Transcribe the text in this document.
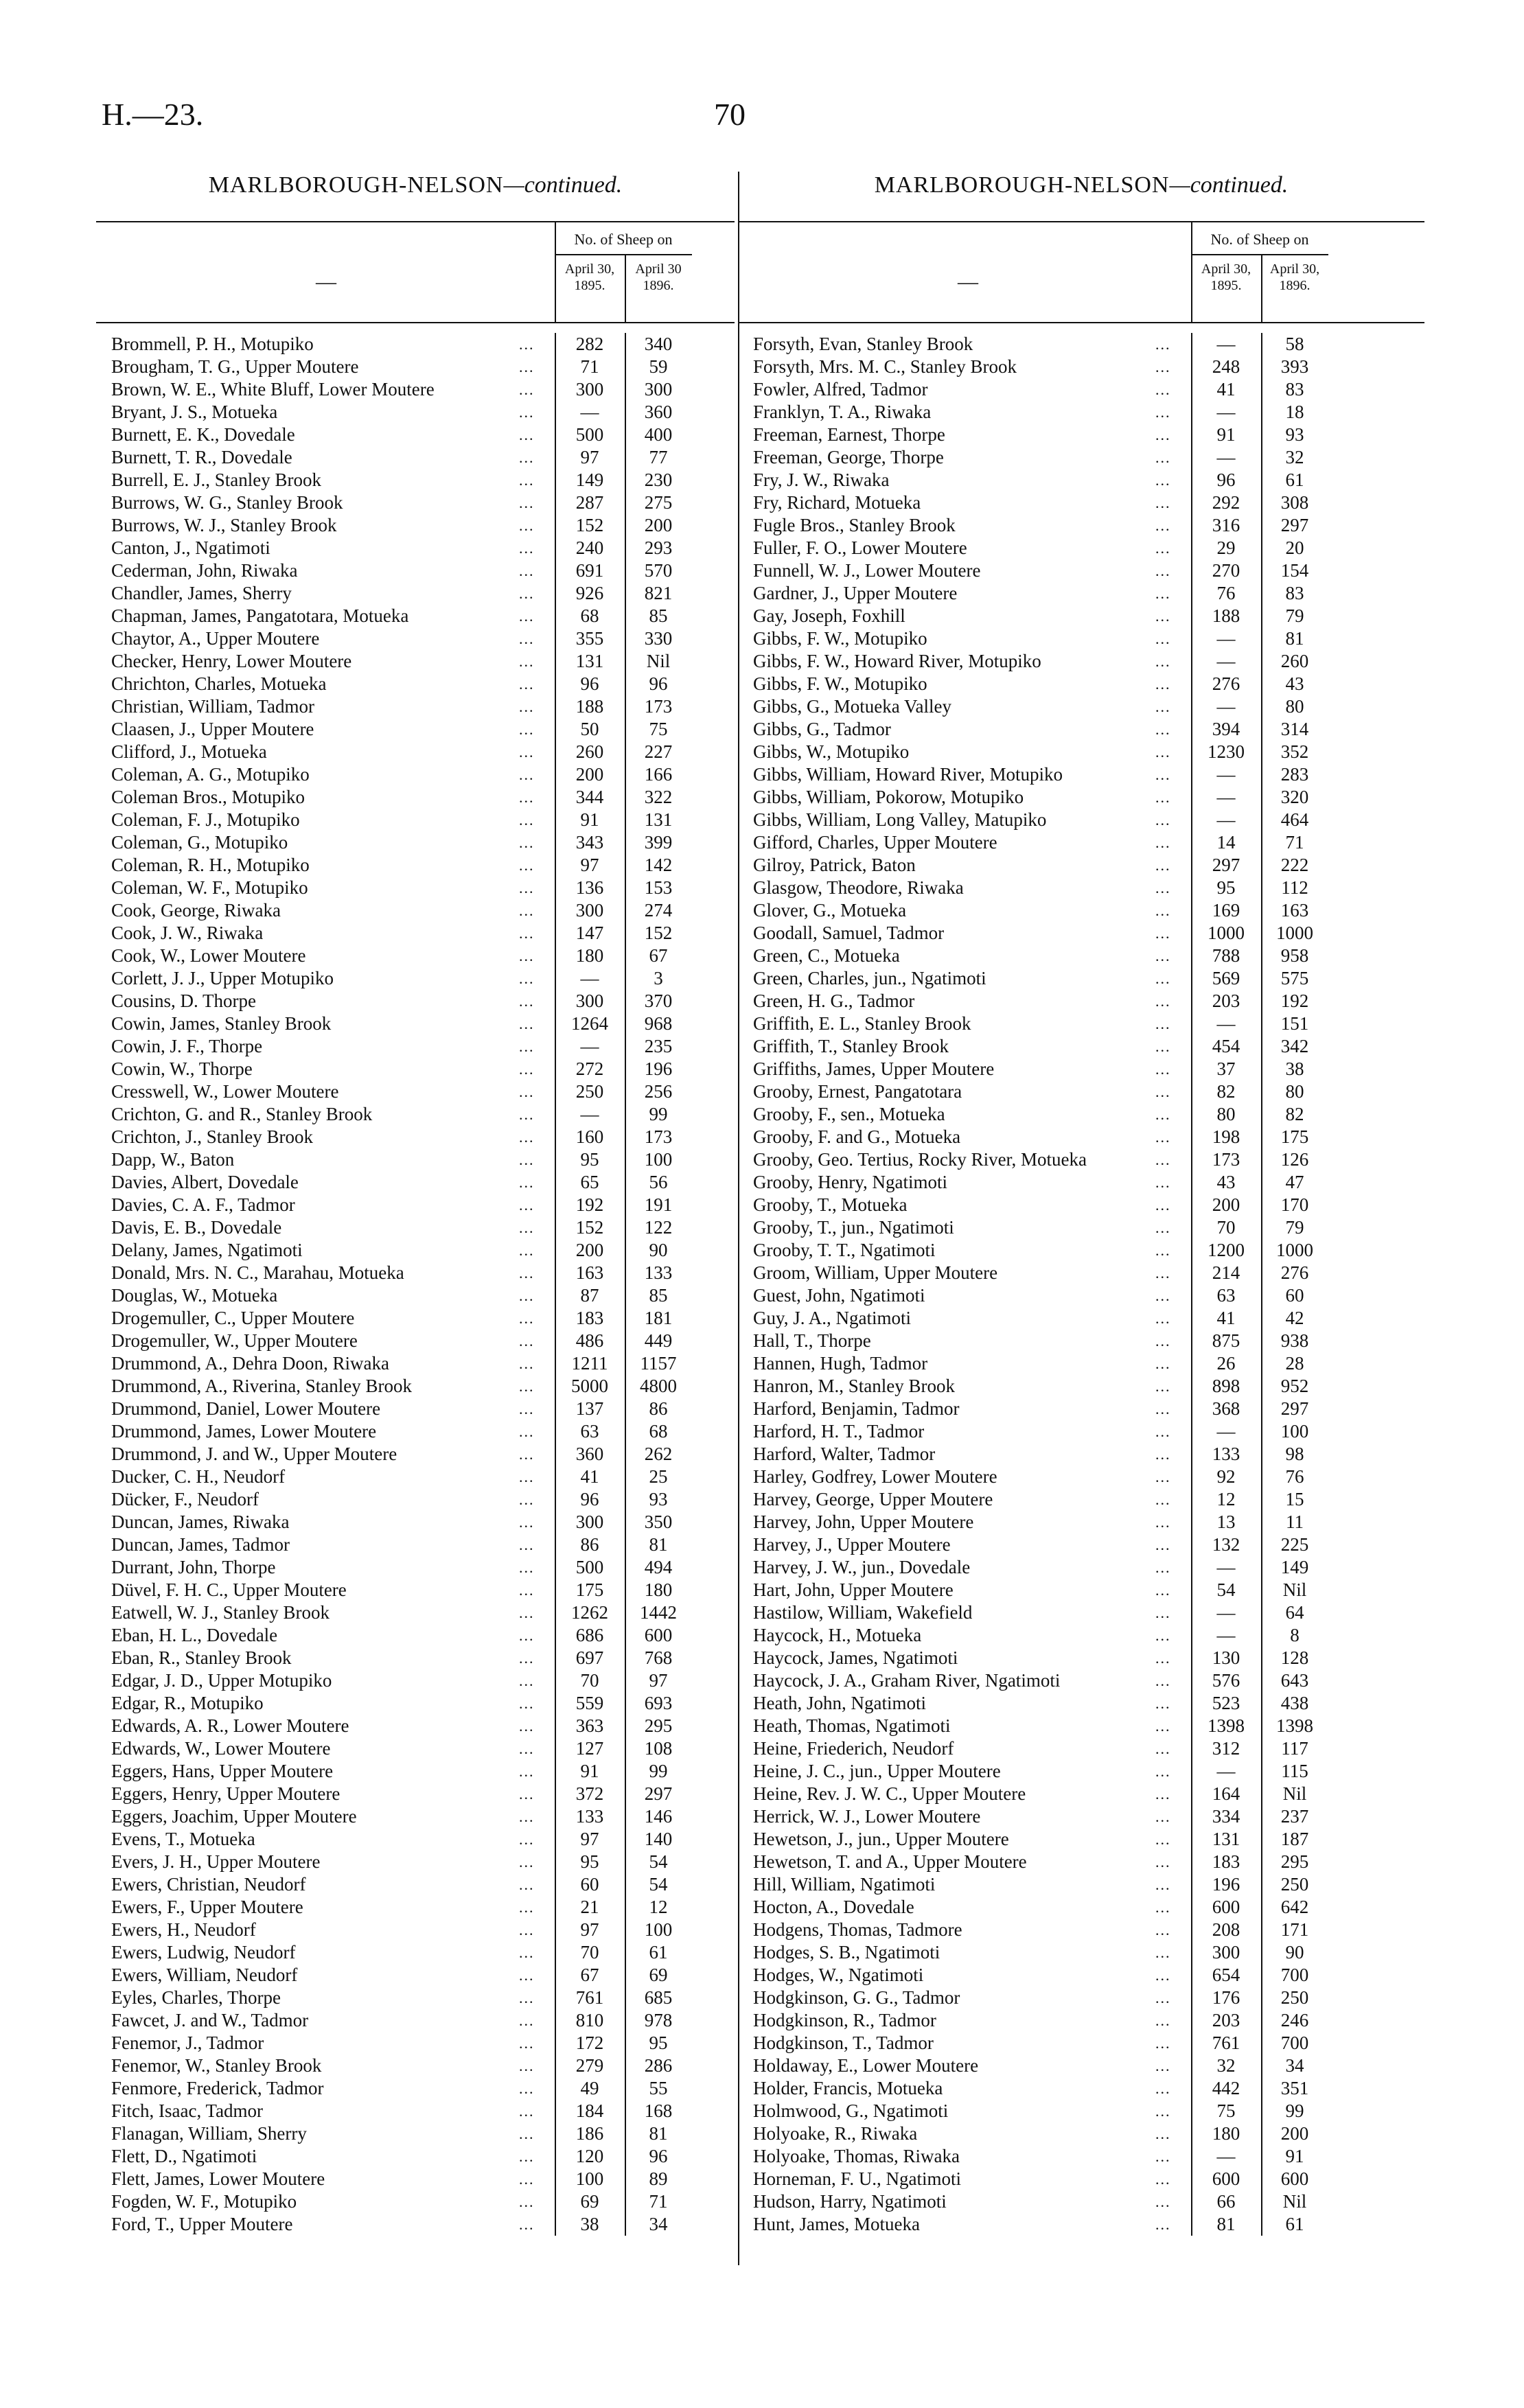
H.—23.	70
MARLBOROUGH-NELSON—continued.
—
No. of Sheep on
April 30,
1895.
April 30
1896.
Brommell, P. H., Motupiko	...	282	340
Brougham, T. G., Upper Moutere	...	71	59
Brown, W. E., White Bluff, Lower Moutere	...	300	300
Bryant, J. S., Motueka	...	—	360
Burnett, E. K., Dovedale	...	500	400
Burnett, T. R., Dovedale	...	97	77
Burrell, E. J., Stanley Brook	...	149	230
Burrows, W. G., Stanley Brook	...	287	275
Burrows, W. J., Stanley Brook	...	152	200
Canton, J., Ngatimoti	...	240	293
Cederman, John, Riwaka	...	691	570
Chandler, James, Sherry	...	926	821
Chapman, James, Pangatotara, Motueka	...	68	85
Chaytor, A., Upper Moutere	...	355	330
Checker, Henry, Lower Moutere	...	131	Nil
Chrichton, Charles, Motueka	...	96	96
Christian, William, Tadmor	...	188	173
Claasen, J., Upper Moutere	...	50	75
Clifford, J., Motueka	...	260	227
Coleman, A. G., Motupiko	...	200	166
Coleman Bros., Motupiko	...	344	322
Coleman, F. J., Motupiko	...	91	131
Coleman, G., Motupiko	...	343	399
Coleman, R. H., Motupiko	...	97	142
Coleman, W. F., Motupiko	...	136	153
Cook, George, Riwaka	...	300	274
Cook, J. W., Riwaka	...	147	152
Cook, W., Lower Moutere	...	180	67
Corlett, J. J., Upper Motupiko	...	—	3
Cousins, D. Thorpe	...	300	370
Cowin, James, Stanley Brook	...	1264	968
Cowin, J. F., Thorpe	...	—	235
Cowin, W., Thorpe	...	272	196
Cresswell, W., Lower Moutere	...	250	256
Crichton, G. and R., Stanley Brook	...	—	99
Crichton, J., Stanley Brook	...	160	173
Dapp, W., Baton	...	95	100
Davies, Albert, Dovedale	...	65	56
Davies, C. A. F., Tadmor	...	192	191
Davis, E. B., Dovedale	...	152	122
Delany, James, Ngatimoti	...	200	90
Donald, Mrs. N. C., Marahau, Motueka	...	163	133
Douglas, W., Motueka	...	87	85
Drogemuller, C., Upper Moutere	...	183	181
Drogemuller, W., Upper Moutere	...	486	449
Drummond, A., Dehra Doon, Riwaka	...	1211	1157
Drummond, A., Riverina, Stanley Brook	...	5000	4800
Drummond, Daniel, Lower Moutere	...	137	86
Drummond, James, Lower Moutere	...	63	68
Drummond, J. and W., Upper Moutere	...	360	262
Ducker, C. H., Neudorf	...	41	25
Dücker, F., Neudorf	...	96	93
Duncan, James, Riwaka	...	300	350
Duncan, James, Tadmor	...	86	81
Durrant, John, Thorpe	...	500	494
Düvel, F. H. C., Upper Moutere	...	175	180
Eatwell, W. J., Stanley Brook	...	1262	1442
Eban, H. L., Dovedale	...	686	600
Eban, R., Stanley Brook	...	697	768
Edgar, J. D., Upper Motupiko	...	70	97
Edgar, R., Motupiko	...	559	693
Edwards, A. R., Lower Moutere	...	363	295
Edwards, W., Lower Moutere	...	127	108
Eggers, Hans, Upper Moutere	...	91	99
Eggers, Henry, Upper Moutere	...	372	297
Eggers, Joachim, Upper Moutere	...	133	146
Evens, T., Motueka	...	97	140
Evers, J. H., Upper Moutere	...	95	54
Ewers, Christian, Neudorf	...	60	54
Ewers, F., Upper Moutere	...	21	12
Ewers, H., Neudorf	...	97	100
Ewers, Ludwig, Neudorf	...	70	61
Ewers, William, Neudorf	...	67	69
Eyles, Charles, Thorpe	...	761	685
Fawcet, J. and W., Tadmor	...	810	978
Fenemor, J., Tadmor	...	172	95
Fenemor, W., Stanley Brook	...	279	286
Fenmore, Frederick, Tadmor	...	49	55
Fitch, Isaac, Tadmor	...	184	168
Flanagan, William, Sherry	...	186	81
Flett, D., Ngatimoti	...	120	96
Flett, James, Lower Moutere	...	100	89
Fogden, W. F., Motupiko	...	69	71
Ford, T., Upper Moutere	...	38	34
MARLBOROUGH-NELSON—continued.
—
No. of Sheep on
April 30,
1895.
April 30,
1896.
Forsyth, Evan, Stanley Brook	...	—	58
Forsyth, Mrs. M. C., Stanley Brook	...	248	393
Fowler, Alfred, Tadmor	...	41	83
Franklyn, T. A., Riwaka	...	—	18
Freeman, Earnest, Thorpe	...	91	93
Freeman, George, Thorpe	...	—	32
Fry, J. W., Riwaka	...	96	61
Fry, Richard, Motueka	...	292	308
Fugle Bros., Stanley Brook	...	316	297
Fuller, F. O., Lower Moutere	...	29	20
Funnell, W. J., Lower Moutere	...	270	154
Gardner, J., Upper Moutere	...	76	83
Gay, Joseph, Foxhill	...	188	79
Gibbs, F. W., Motupiko	...	—	81
Gibbs, F. W., Howard River, Motupiko	...	—	260
Gibbs, F. W., Motupiko	...	276	43
Gibbs, G., Motueka Valley	...	—	80
Gibbs, G., Tadmor	...	394	314
Gibbs, W., Motupiko	...	1230	352
Gibbs, William, Howard River, Motupiko	...	—	283
Gibbs, William, Pokorow, Motupiko	...	—	320
Gibbs, William, Long Valley, Matupiko	...	—	464
Gifford, Charles, Upper Moutere	...	14	71
Gilroy, Patrick, Baton	...	297	222
Glasgow, Theodore, Riwaka	...	95	112
Glover, G., Motueka	...	169	163
Goodall, Samuel, Tadmor	...	1000	1000
Green, C., Motueka	...	788	958
Green, Charles, jun., Ngatimoti	...	569	575
Green, H. G., Tadmor	...	203	192
Griffith, E. L., Stanley Brook	...	—	151
Griffith, T., Stanley Brook	...	454	342
Griffiths, James, Upper Moutere	...	37	38
Grooby, Ernest, Pangatotara	...	82	80
Grooby, F., sen., Motueka	...	80	82
Grooby, F. and G., Motueka	...	198	175
Grooby, Geo. Tertius, Rocky River, Motueka	...	173	126
Grooby, Henry, Ngatimoti	...	43	47
Grooby, T., Motueka	...	200	170
Grooby, T., jun., Ngatimoti	...	70	79
Grooby, T. T., Ngatimoti	...	1200	1000
Groom, William, Upper Moutere	...	214	276
Guest, John, Ngatimoti	...	63	60
Guy, J. A., Ngatimoti	...	41	42
Hall, T., Thorpe	...	875	938
Hannen, Hugh, Tadmor	...	26	28
Hanron, M., Stanley Brook	...	898	952
Harford, Benjamin, Tadmor	...	368	297
Harford, H. T., Tadmor	...	—	100
Harford, Walter, Tadmor	...	133	98
Harley, Godfrey, Lower Moutere	...	92	76
Harvey, George, Upper Moutere	...	12	15
Harvey, John, Upper Moutere	...	13	11
Harvey, J., Upper Moutere	...	132	225
Harvey, J. W., jun., Dovedale	...	—	149
Hart, John, Upper Moutere	...	54	Nil
Hastilow, William, Wakefield	...	—	64
Haycock, H., Motueka	...	—	8
Haycock, James, Ngatimoti	...	130	128
Haycock, J. A., Graham River, Ngatimoti	...	576	643
Heath, John, Ngatimoti	...	523	438
Heath, Thomas, Ngatimoti	...	1398	1398
Heine, Friederich, Neudorf	...	312	117
Heine, J. C., jun., Upper Moutere	...	—	115
Heine, Rev. J. W. C., Upper Moutere	...	164	Nil
Herrick, W. J., Lower Moutere	...	334	237
Hewetson, J., jun., Upper Moutere	...	131	187
Hewetson, T. and A., Upper Moutere	...	183	295
Hill, William, Ngatimoti	...	196	250
Hocton, A., Dovedale	...	600	642
Hodgens, Thomas, Tadmore	...	208	171
Hodges, S. B., Ngatimoti	...	300	90
Hodges, W., Ngatimoti	...	654	700
Hodgkinson, G. G., Tadmor	...	176	250
Hodgkinson, R., Tadmor	...	203	246
Hodgkinson, T., Tadmor	...	761	700
Holdaway, E., Lower Moutere	...	32	34
Holder, Francis, Motueka	...	442	351
Holmwood, G., Ngatimoti	...	75	99
Holyoake, R., Riwaka	...	180	200
Holyoake, Thomas, Riwaka	...	—	91
Horneman, F. U., Ngatimoti	...	600	600
Hudson, Harry, Ngatimoti	...	66	Nil
Hunt, James, Motueka	...	81	61
